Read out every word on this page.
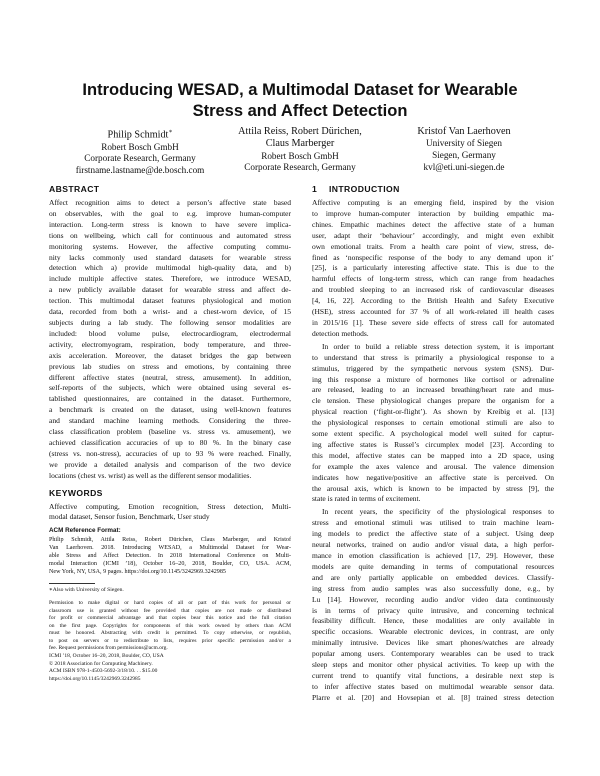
Introducing WESAD, a Multimodal Dataset for Wearable
Stress and Affect Detection
Philip Schmidt∗
Robert Bosch GmbH
Corporate Research, Germany
firstname.lastname@de.bosch.com
Attila Reiss, Robert Dürichen,
Claus Marberger
Robert Bosch GmbH
Corporate Research, Germany
Kristof Van Laerhoven
University of Siegen
Siegen, Germany
kvl@eti.uni-siegen.de
ABSTRACT
Affect recognition aims to detect a person’s affective state based
on observables, with the goal to e.g. improve human-computer
interaction. Long-term stress is known to have severe implica-
tions on wellbeing, which call for continuous and automated stress
monitoring systems. However, the affective computing commu-
nity lacks commonly used standard datasets for wearable stress
detection which a) provide multimodal high-quality data, and b)
include multiple affective states. Therefore, we introduce WESAD,
a new publicly available dataset for wearable stress and affect de-
tection. This multimodal dataset features physiological and motion
data, recorded from both a wrist- and a chest-worn device, of 15
subjects during a lab study. The following sensor modalities are
included: blood volume pulse, electrocardiogram, electrodermal
activity, electromyogram, respiration, body temperature, and three-
axis acceleration. Moreover, the dataset bridges the gap between
previous lab studies on stress and emotions, by containing three
different affective states (neutral, stress, amusement). In addition,
self-reports of the subjects, which were obtained using several es-
tablished questionnaires, are contained in the dataset. Furthermore,
a benchmark is created on the dataset, using well-known features
and standard machine learning methods. Considering the three-
class classification problem (baseline vs. stress vs. amusement), we
achieved classification accuracies of up to 80 %. In the binary case
(stress vs. non-stress), accuracies of up to 93 % were reached. Finally,
we provide a detailed analysis and comparison of the two device
locations (chest vs. wrist) as well as the different sensor modalities.
KEYWORDS
Affective computing, Emotion recognition, Stress detection, Multi-
modal dataset, Sensor fusion, Benchmark, User study
ACM Reference Format:
Philip Schmidt, Attila Reiss, Robert Dürichen, Claus Marberger, and Kristof
Van Laerhoven. 2018. Introducing WESAD, a Multimodal Dataset for Wear-
able Stress and Affect Detection. In 2018 International Conference on Multi-
modal Interaction (ICMI ’18), October 16–20, 2018, Boulder, CO, USA. ACM,
New York, NY, USA, 9 pages. https://doi.org/10.1145/3242969.3242985
∗Also with University of Siegen.
Permission to make digital or hard copies of all or part of this work for personal or
classroom use is granted without fee provided that copies are not made or distributed
for profit or commercial advantage and that copies bear this notice and the full citation
on the first page. Copyrights for components of this work owned by others than ACM
must be honored. Abstracting with credit is permitted. To copy otherwise, or republish,
to post on servers or to redistribute to lists, requires prior specific permission and/or a
fee. Request permissions from permissions@acm.org.
ICMI ’18, October 16–20, 2018, Boulder, CO, USA
© 2018 Association for Computing Machinery.
ACM ISBN 978-1-4503-5692-3/18/10. . . $15.00
https://doi.org/10.1145/3242969.3242985
1 INTRODUCTION
Affective computing is an emerging field, inspired by the vision
to improve human-computer interaction by building empathic ma-
chines. Empathic machines detect the affective state of a human
user, adapt their ‘behaviour’ accordingly, and might even exhibit
own emotional traits. From a health care point of view, stress, de-
fined as ‘nonspecific response of the body to any demand upon it’
[25], is a particularly interesting affective state. This is due to the
harmful effects of long-term stress, which can range from headaches
and troubled sleeping to an increased risk of cardiovascular diseases
[4, 16, 22]. According to the British Health and Safety Executive
(HSE), stress accounted for 37 % of all work-related ill health cases
in 2015/16 [1]. These severe side effects of stress call for automated
detection methods.
In order to build a reliable stress detection system, it is important
to understand that stress is primarily a physiological response to a
stimulus, triggered by the sympathetic nervous system (SNS). Dur-
ing this response a mixture of hormones like cortisol or adrenaline
are released, leading to an increased breathing/heart rate and mus-
cle tension. These physiological changes prepare the organism for a
physical reaction (‘fight-or-flight’). As shown by Kreibig et al. [13]
the physiological responses to certain emotional stimuli are also to
some extent specific. A psychological model well suited for captur-
ing affective states is Russel’s circumplex model [23]. According to
this model, affective states can be mapped into a 2D space, using
for example the axes valence and arousal. The valence dimension
indicates how negative/positive an affective state is perceived. On
the arousal axis, which is known to be impacted by stress [9], the
state is rated in terms of excitement.
In recent years, the specificity of the physiological responses to
stress and emotional stimuli was utilised to train machine learn-
ing models to predict the affective state of a subject. Using deep
neural networks, trained on audio and/or visual data, a high perfor-
mance in emotion classification is achieved [17, 29]. However, these
models are quite demanding in terms of computational resources
and are only partially applicable on embedded devices. Classify-
ing stress from audio samples was also successfully done, e.g., by
Lu [14]. However, recording audio and/or video data continuously
is in terms of privacy quite intrusive, and concerning technical
feasibility difficult. Hence, these modalities are only available in
specific occasions. Wearable electronic devices, in contrast, are only
minimally intrusive. Devices like smart phones/watches are already
popular among users. Contemporary wearables can be used to track
sleep steps and monitor other physical activities. To keep up with the
current trend to quantify vital functions, a desirable next step is
to infer affective states based on multimodal wearable sensor data.
Plarre et al. [20] and Hovsepian et al. [8] trained stress detection
